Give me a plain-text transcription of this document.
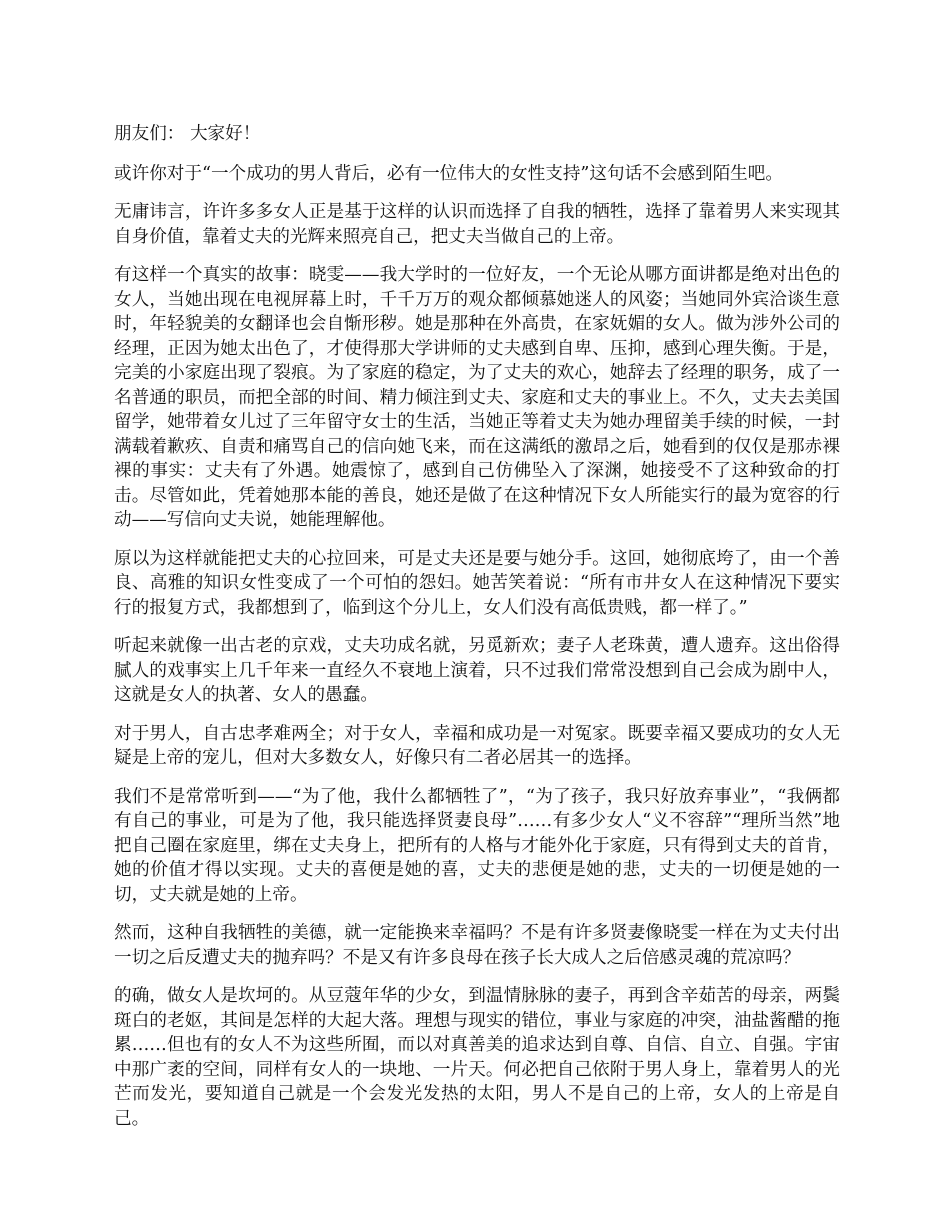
朋友们： 大家好！

或许你对于“一个成功的男人背后，必有一位伟大的女性支持”这句话不会感到陌生吧。

无庸讳言，许许多多女人正是基于这样的认识而选择了自我的牺牲，选择了靠着男人来实现其自身价值，靠着丈夫的光辉来照亮自己，把丈夫当做自己的上帝。

有这样一个真实的故事：晓雯——我大学时的一位好友，一个无论从哪方面讲都是绝对出色的女人，当她出现在电视屏幕上时，千千万万的观众都倾慕她迷人的风姿；当她同外宾洽谈生意时，年轻貌美的女翻译也会自惭形秽。她是那种在外高贵，在家妩媚的女人。做为涉外公司的经理，正因为她太出色了，才使得那大学讲师的丈夫感到自卑、压抑，感到心理失衡。于是，完美的小家庭出现了裂痕。为了家庭的稳定，为了丈夫的欢心，她辞去了经理的职务，成了一名普通的职员，而把全部的时间、精力倾注到丈夫、家庭和丈夫的事业上。不久，丈夫去美国留学，她带着女儿过了三年留守女士的生活，当她正等着丈夫为她办理留美手续的时候，一封满载着歉疚、自责和痛骂自己的信向她飞来，而在这满纸的激昂之后，她看到的仅仅是那赤裸裸的事实：丈夫有了外遇。她震惊了，感到自己仿佛坠入了深渊，她接受不了这种致命的打击。尽管如此，凭着她那本能的善良，她还是做了在这种情况下女人所能实行的最为宽容的行动——写信向丈夫说，她能理解他。

原以为这样就能把丈夫的心拉回来，可是丈夫还是要与她分手。这回，她彻底垮了，由一个善良、高雅的知识女性变成了一个可怕的怨妇。她苦笑着说：“所有市井女人在这种情况下要实行的报复方式，我都想到了，临到这个分儿上，女人们没有高低贵贱，都一样了。”

听起来就像一出古老的京戏，丈夫功成名就，另觅新欢；妻子人老珠黄，遭人遗弃。这出俗得腻人的戏事实上几千年来一直经久不衰地上演着，只不过我们常常没想到自己会成为剧中人，这就是女人的执著、女人的愚蠢。

对于男人，自古忠孝难两全；对于女人，幸福和成功是一对冤家。既要幸福又要成功的女人无疑是上帝的宠儿，但对大多数女人，好像只有二者必居其一的选择。

我们不是常常听到——“为了他，我什么都牺牲了”，“为了孩子，我只好放弃事业”，“我俩都有自己的事业，可是为了他，我只能选择贤妻良母”……有多少女人“义不容辞”“理所当然”地把自己圈在家庭里，绑在丈夫身上，把所有的人格与才能外化于家庭，只有得到丈夫的首肯，她的价值才得以实现。丈夫的喜便是她的喜，丈夫的悲便是她的悲，丈夫的一切便是她的一切，丈夫就是她的上帝。

然而，这种自我牺牲的美德，就一定能换来幸福吗？不是有许多贤妻像晓雯一样在为丈夫付出一切之后反遭丈夫的抛弃吗？不是又有许多良母在孩子长大成人之后倍感灵魂的荒凉吗？

的确，做女人是坎坷的。从豆蔻年华的少女，到温情脉脉的妻子，再到含辛茹苦的母亲，两鬓斑白的老妪，其间是怎样的大起大落。理想与现实的错位，事业与家庭的冲突，油盐酱醋的拖累……但也有的女人不为这些所囿，而以对真善美的追求达到自尊、自信、自立、自强。宇宙中那广袤的空间，同样有女人的一块地、一片天。何必把自己依附于男人身上，靠着男人的光芒而发光，要知道自己就是一个会发光发热的太阳，男人不是自己的上帝，女人的上帝是自己。
